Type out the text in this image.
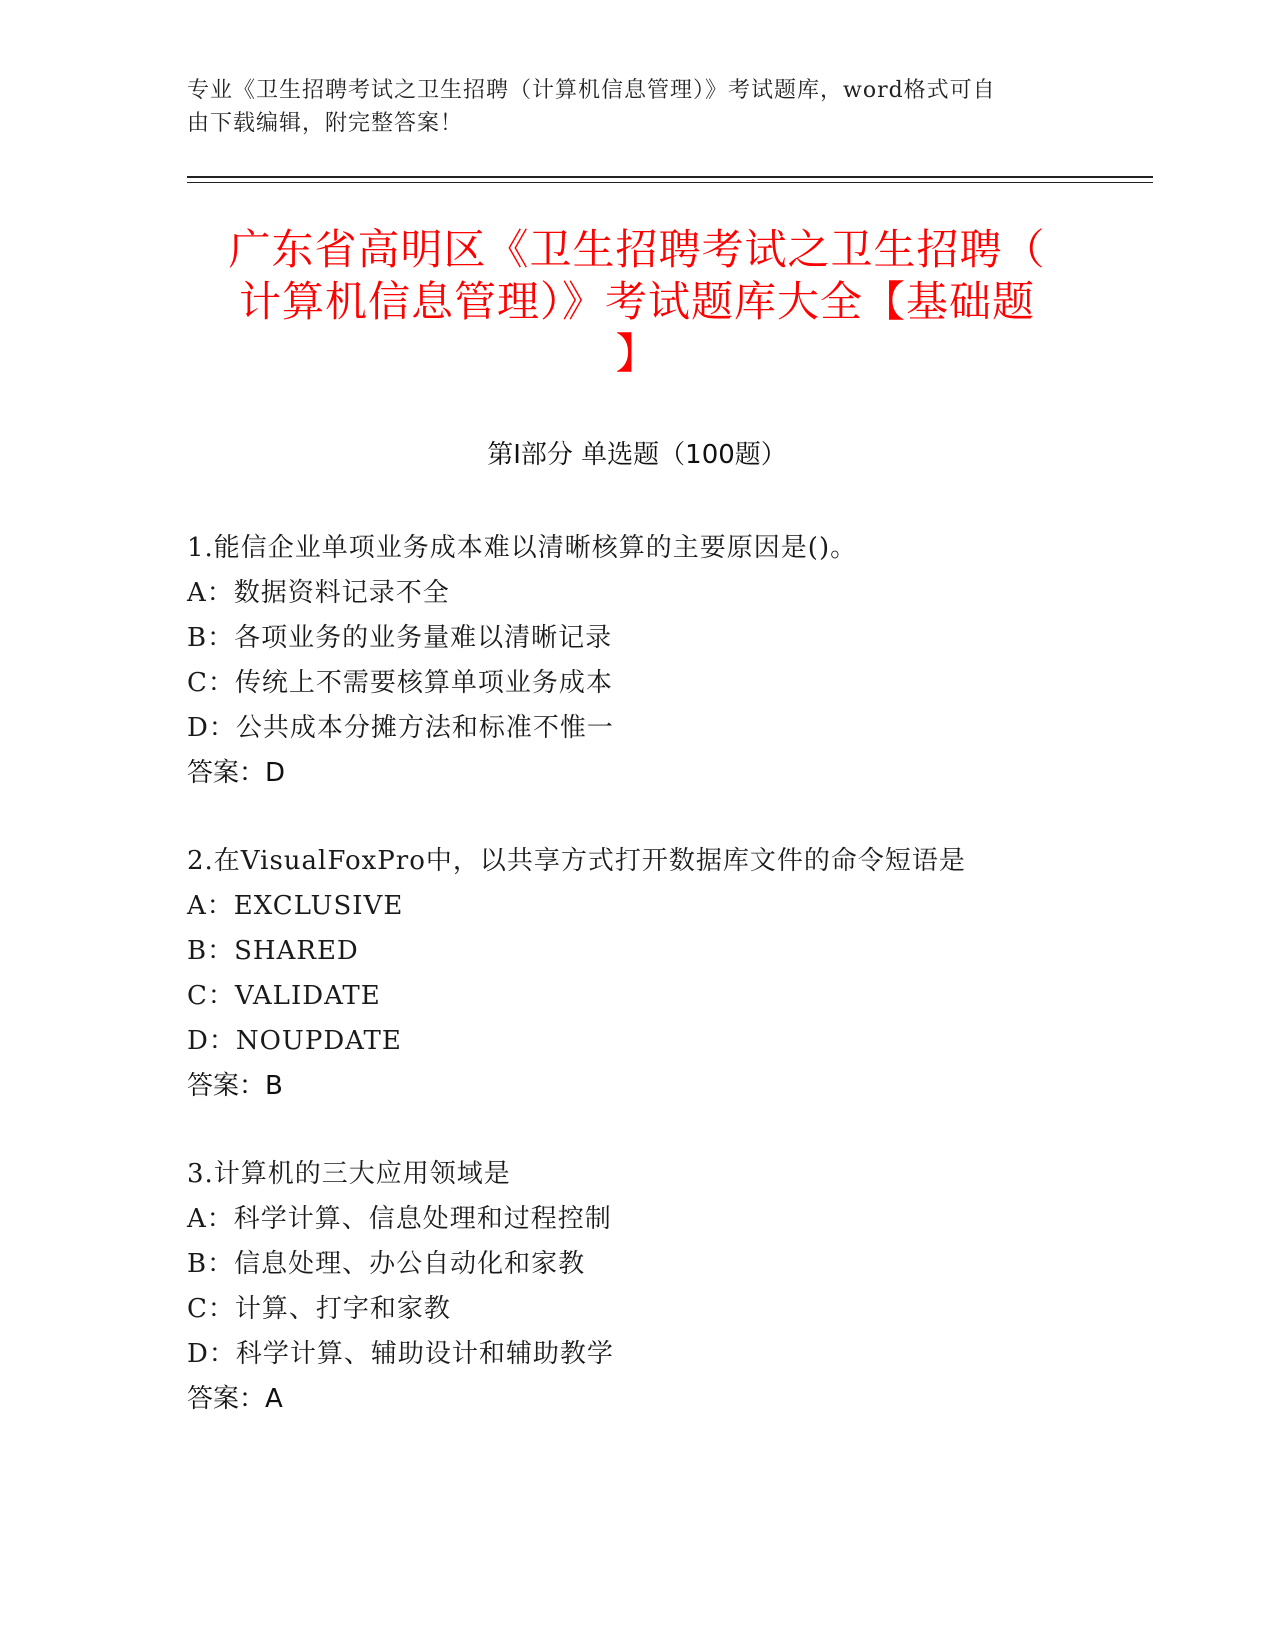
专业《卫生招聘考试之卫生招聘（计算机信息管理）》考试题库，word格式可自
由下载编辑，附完整答案！
广东省高明区《卫生招聘考试之卫生招聘（
计算机信息管理）》考试题库大全【基础题
】
第Ⅰ部分 单选题（100题）
1.能信企业单项业务成本难以清晰核算的主要原因是()。
A：数据资料记录不全
B：各项业务的业务量难以清晰记录
C：传统上不需要核算单项业务成本
D：公共成本分摊方法和标准不惟一
答案：D
2.在VisualFoxPro中，以共享方式打开数据库文件的命令短语是
A：EXCLUSIVE
B：SHARED
C：VALIDATE
D：NOUPDATE
答案：B
3.计算机的三大应用领域是
A：科学计算、信息处理和过程控制
B：信息处理、办公自动化和家教
C：计算、打字和家教
D：科学计算、辅助设计和辅助教学
答案：A
